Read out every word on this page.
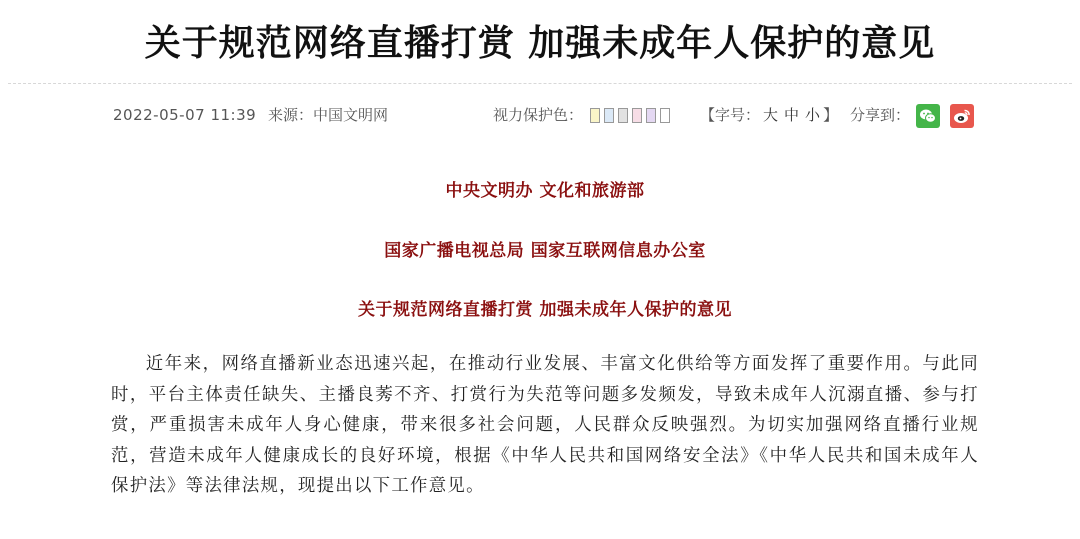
关于规范网络直播打赏 加强未成年人保护的意见
2022-05-07 11:39 来源：中国文明网	视力保护色：	【字号： 大 中 小 】 分享到：
中央文明办 文化和旅游部
国家广播电视总局 国家互联网信息办公室
关于规范网络直播打赏 加强未成年人保护的意见

近年来，网络直播新业态迅速兴起，在推动行业发展、丰富文化供给等方面发挥了重要作用。与此同时，平台主体责任缺失、主播良莠不齐、打赏行为失范等问题多发频发，导致未成年人沉溺直播、参与打赏，严重损害未成年人身心健康，带来很多社会问题，人民群众反映强烈。为切实加强网络直播行业规范，营造未成年人健康成长的良好环境，根据《中华人民共和国网络安全法》《中华人民共和国未成年人保护法》等法律法规，现提出以下工作意见。
